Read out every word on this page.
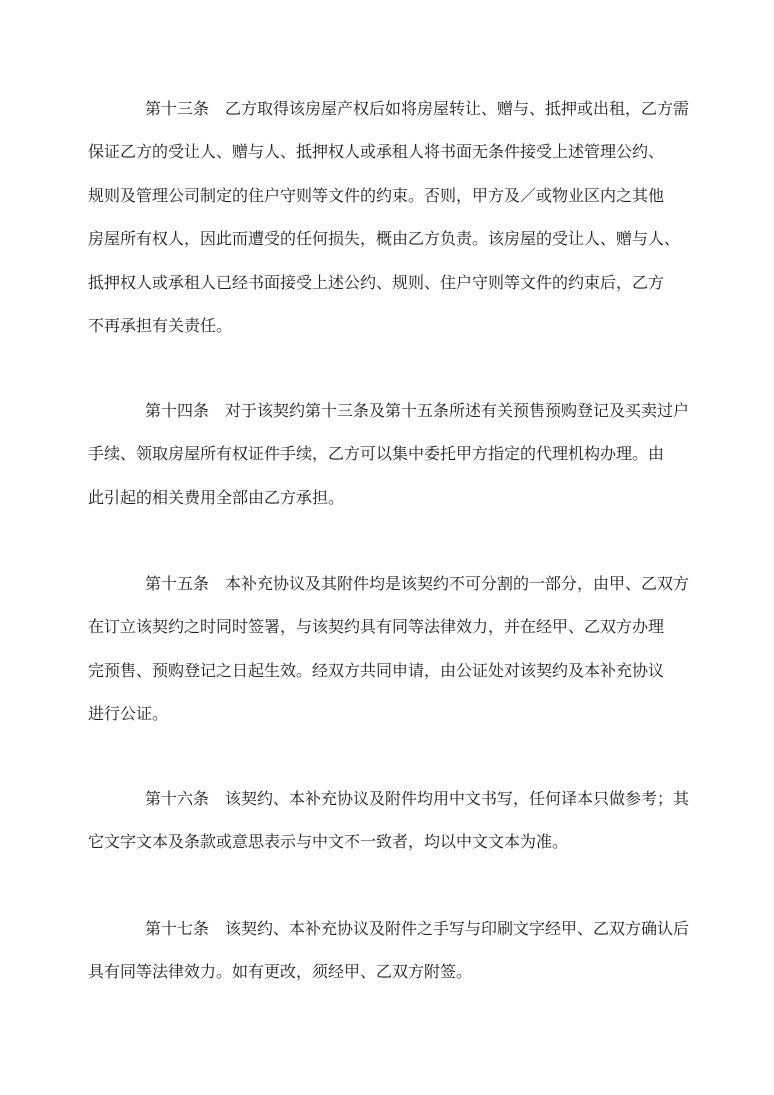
第十三条　乙方取得该房屋产权后如将房屋转让、赠与、抵押或出租，乙方需
保证乙方的受让人、赠与人、抵押权人或承租人将书面无条件接受上述管理公约、
规则及管理公司制定的住户守则等文件的约束。否则，甲方及／或物业区内之其他
房屋所有权人，因此而遭受的任何损失，概由乙方负责。该房屋的受让人、赠与人、
抵押权人或承租人已经书面接受上述公约、规则、住户守则等文件的约束后，乙方
不再承担有关责任。
第十四条　对于该契约第十三条及第十五条所述有关预售预购登记及买卖过户
手续、领取房屋所有权证件手续，乙方可以集中委托甲方指定的代理机构办理。由
此引起的相关费用全部由乙方承担。
第十五条　本补充协议及其附件均是该契约不可分割的一部分，由甲、乙双方
在订立该契约之时同时签署，与该契约具有同等法律效力，并在经甲、乙双方办理
完预售、预购登记之日起生效。经双方共同申请，由公证处对该契约及本补充协议
进行公证。
第十六条　该契约、本补充协议及附件均用中文书写，任何译本只做参考；其
它文字文本及条款或意思表示与中文不一致者，均以中文文本为准。
第十七条　该契约、本补充协议及附件之手写与印刷文字经甲、乙双方确认后
具有同等法律效力。如有更改，须经甲、乙双方附签。
